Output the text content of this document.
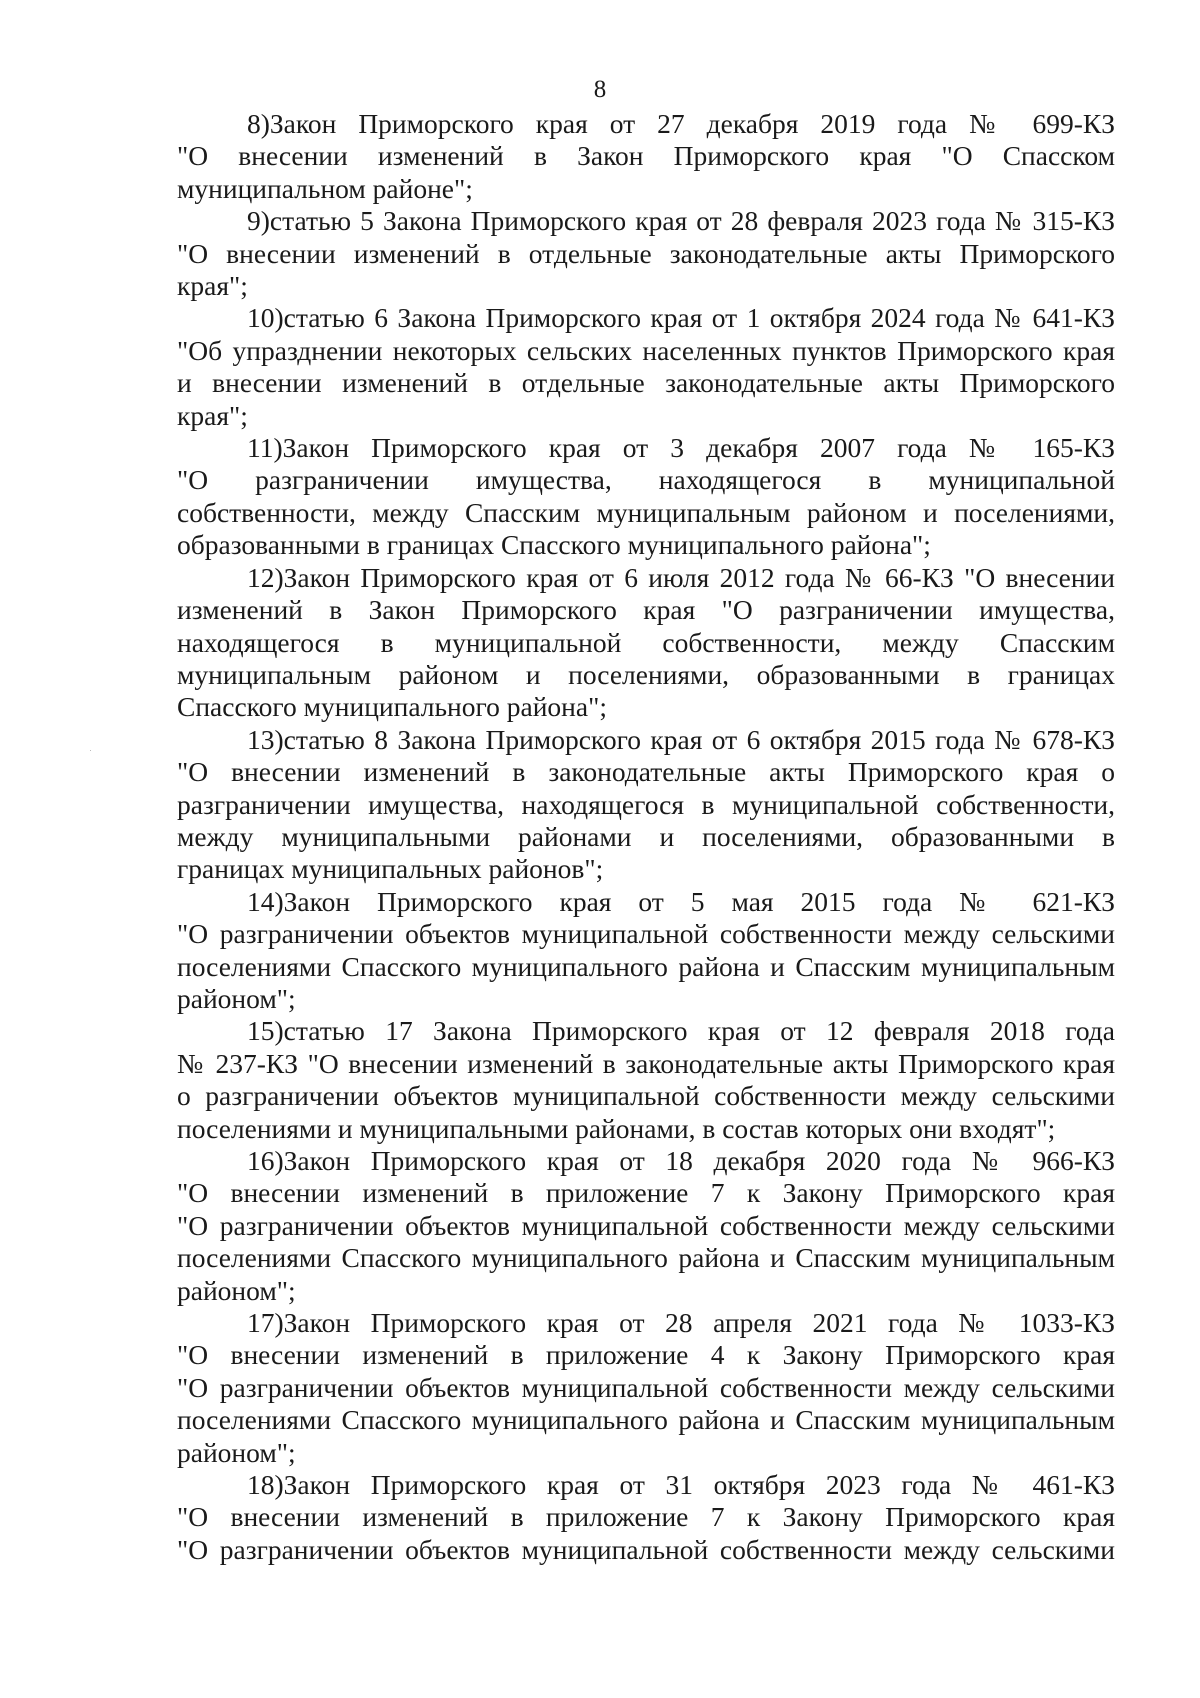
8
8)Закон Приморского края от 27 декабря 2019 года № 699-КЗ
"О внесении изменений в Закон Приморского края "О Спасском
муниципальном районе";
9)статью 5 Закона Приморского края от 28 февраля 2023 года № 315-КЗ
"О внесении изменений в отдельные законодательные акты Приморского
края";
10)статью 6 Закона Приморского края от 1 октября 2024 года № 641-КЗ
"Об упразднении некоторых сельских населенных пунктов Приморского края
и внесении изменений в отдельные законодательные акты Приморского
края";
11)Закон Приморского края от 3 декабря 2007 года № 165-КЗ
"О разграничении имущества, находящегося в муниципальной
собственности, между Спасским муниципальным районом и поселениями,
образованными в границах Спасского муниципального района";
12)Закон Приморского края от 6 июля 2012 года № 66-КЗ "О внесении
изменений в Закон Приморского края "О разграничении имущества,
находящегося в муниципальной собственности, между Спасским
муниципальным районом и поселениями, образованными в границах
Спасского муниципального района";
13)статью 8 Закона Приморского края от 6 октября 2015 года № 678-КЗ
"О внесении изменений в законодательные акты Приморского края о
разграничении имущества, находящегося в муниципальной собственности,
между муниципальными районами и поселениями, образованными в
границах муниципальных районов";
14)Закон Приморского края от 5 мая 2015 года № 621-КЗ
"О разграничении объектов муниципальной собственности между сельскими
поселениями Спасского муниципального района и Спасским муниципальным
районом";
15)статью 17 Закона Приморского края от 12 февраля 2018 года
№ 237-КЗ "О внесении изменений в законодательные акты Приморского края
о разграничении объектов муниципальной собственности между сельскими
поселениями и муниципальными районами, в состав которых они входят";
16)Закон Приморского края от 18 декабря 2020 года № 966-КЗ
"О внесении изменений в приложение 7 к Закону Приморского края
"О разграничении объектов муниципальной собственности между сельскими
поселениями Спасского муниципального района и Спасским муниципальным
районом";
17)Закон Приморского края от 28 апреля 2021 года № 1033-КЗ
"О внесении изменений в приложение 4 к Закону Приморского края
"О разграничении объектов муниципальной собственности между сельскими
поселениями Спасского муниципального района и Спасским муниципальным
районом";
18)Закон Приморского края от 31 октября 2023 года № 461-КЗ
"О внесении изменений в приложение 7 к Закону Приморского края
"О разграничении объектов муниципальной собственности между сельскими
